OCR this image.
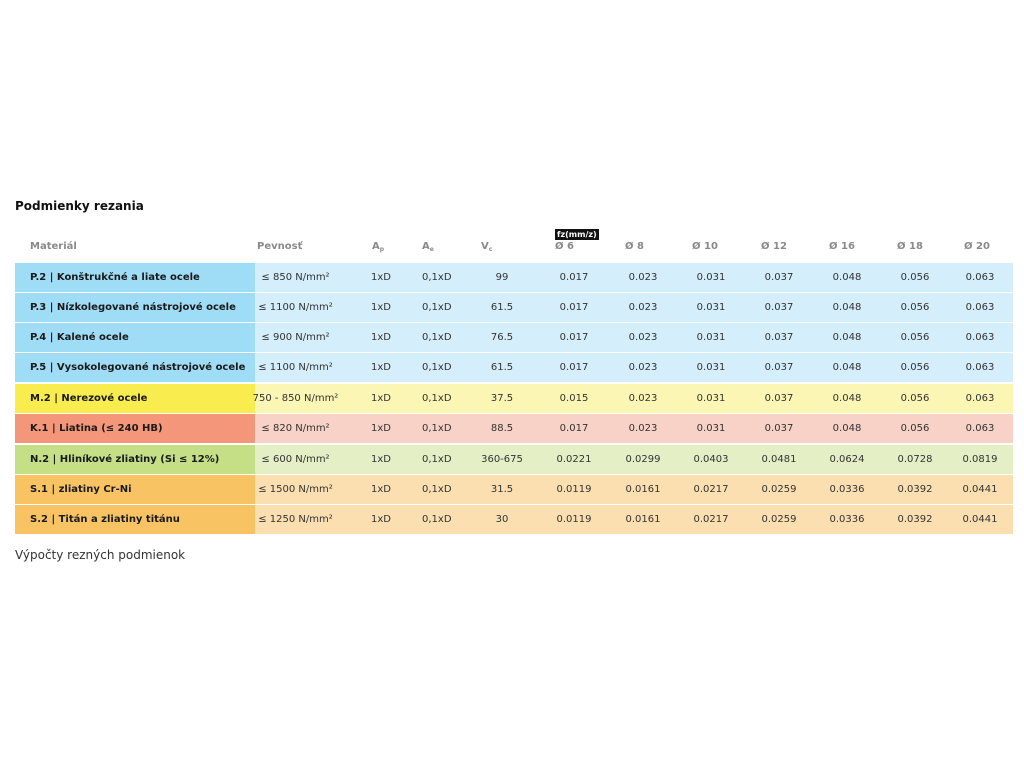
Podmienky rezania
fz(mm/z)
Materiál	Pevnosť	$A_p$	$A_e$	$V_c$	Ø 6	Ø 8	Ø 10	Ø 12	Ø 16	Ø 18	Ø 20
P.2 | Konštrukčné a liate ocele	≤ 850 N/mm²	1xD	0,1xD	99	0.017	0.023	0.031	0.037	0.048	0.056	0.063
P.3 | Nízkolegované nástrojové ocele	≤ 1100 N/mm²	1xD	0,1xD	61.5	0.017	0.023	0.031	0.037	0.048	0.056	0.063
P.4 | Kalené ocele	≤ 900 N/mm²	1xD	0,1xD	76.5	0.017	0.023	0.031	0.037	0.048	0.056	0.063
P.5 | Vysokolegované nástrojové ocele	≤ 1100 N/mm²	1xD	0,1xD	61.5	0.017	0.023	0.031	0.037	0.048	0.056	0.063
M.2 | Nerezové ocele	750 - 850 N/mm²	1xD	0,1xD	37.5	0.015	0.023	0.031	0.037	0.048	0.056	0.063
K.1 | Liatina (≤ 240 HB)	≤ 820 N/mm²	1xD	0,1xD	88.5	0.017	0.023	0.031	0.037	0.048	0.056	0.063
N.2 | Hliníkové zliatiny (Si ≤ 12%)	≤ 600 N/mm²	1xD	0,1xD	360-675	0.0221	0.0299	0.0403	0.0481	0.0624	0.0728	0.0819
S.1 | zliatiny Cr-Ni	≤ 1500 N/mm²	1xD	0,1xD	31.5	0.0119	0.0161	0.0217	0.0259	0.0336	0.0392	0.0441
S.2 | Titán a zliatiny titánu	≤ 1250 N/mm²	1xD	0,1xD	30	0.0119	0.0161	0.0217	0.0259	0.0336	0.0392	0.0441
Výpočty rezných podmienok
